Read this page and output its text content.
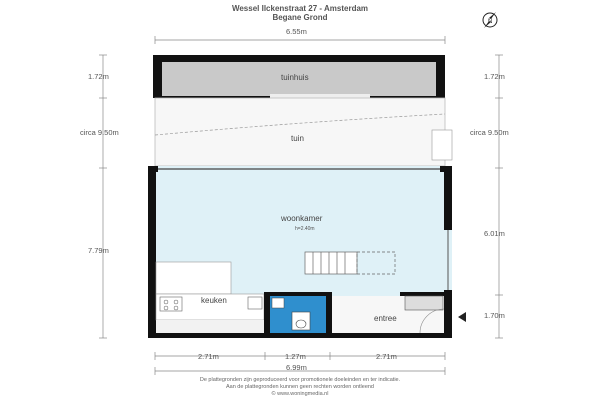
Wessel Ilckenstraat 27 - Amsterdam
Begane Grond	N
tuinhuis
tuin
woonkamer
h=2.40m
keuken
entree
6.55m
1.72m
circa 9.50m
7.79m
1.72m
circa 9.50m
6.01m
1.70m
2.71m	1.27m	2.71m
6.99m
De plattegronden zijn geproduceerd voor promotionele doeleinden en ter indicatie.
Aan de plattegronden kunnen geen rechten worden ontleend
© www.woningmedia.nl
